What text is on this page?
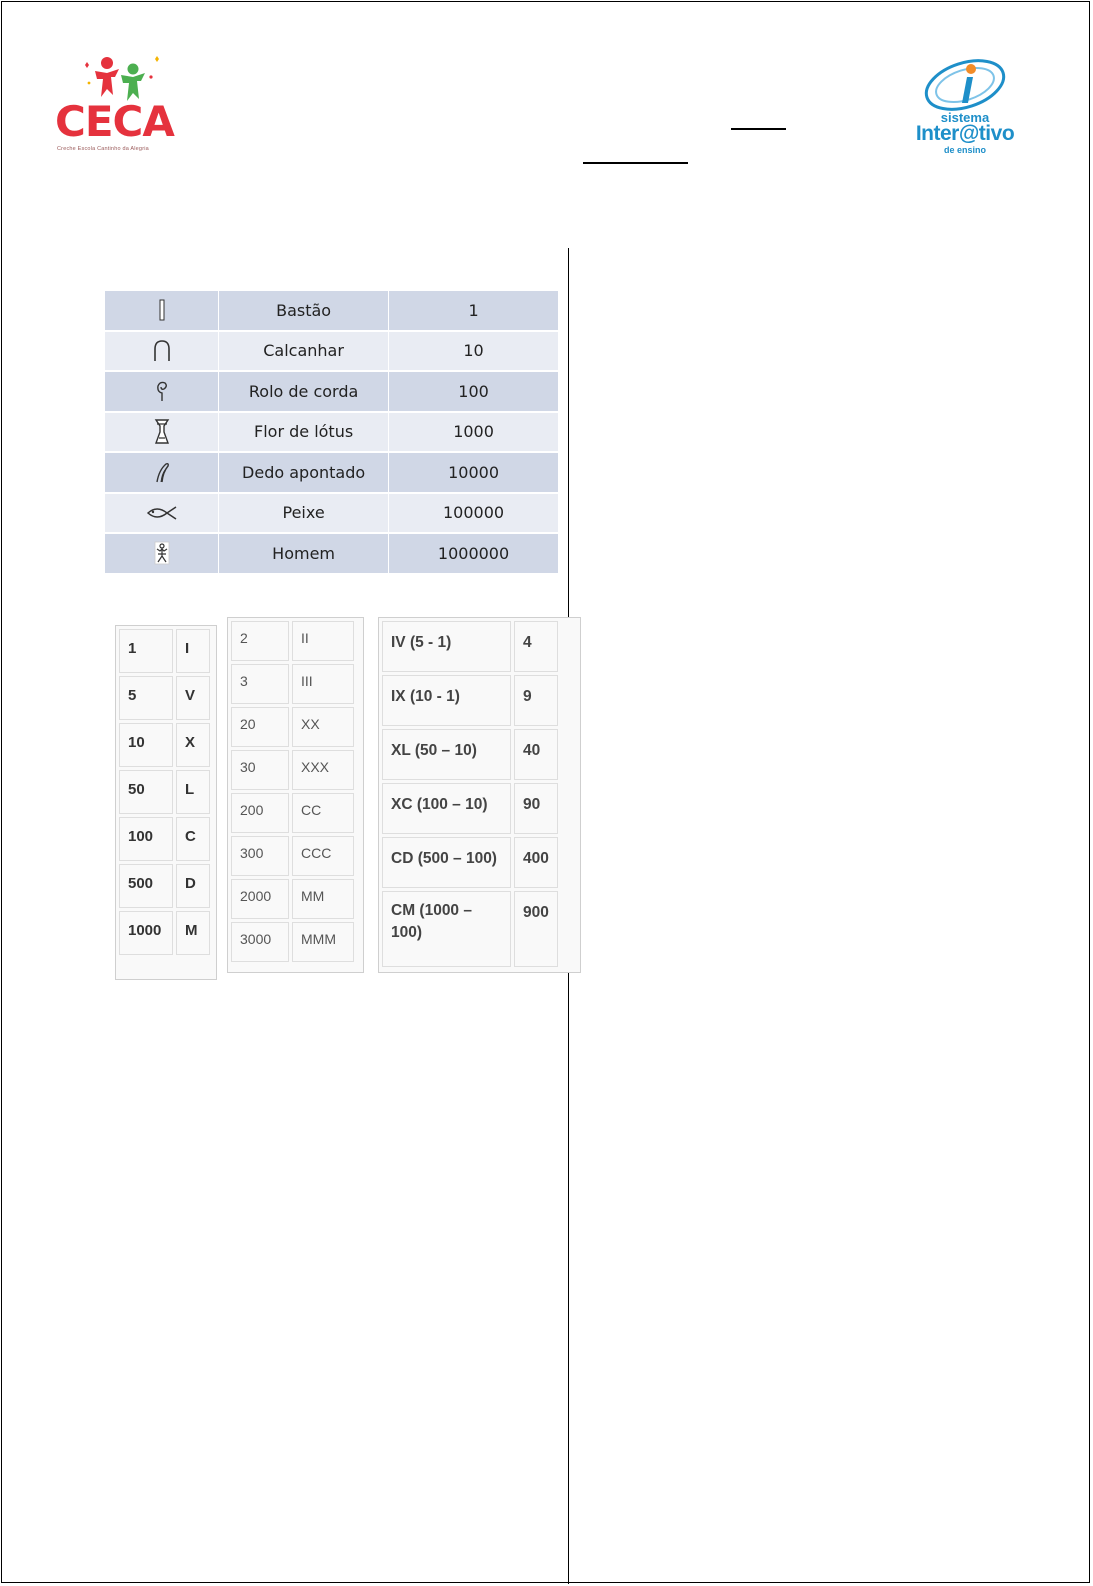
CECA
Creche Escola Cantinho da Alegria
sistema
Inter@tivo
de ensino
	Bastão	1
	Calcanhar	10
	Rolo de corda	100
	Flor de lótus	1000
	Dedo apontado	10000
	Peixe	100000
	Homem	1000000
1	I
5	V
10	X
50	L
100	C
500	D
1000	M
2	II
3	III
20	XX
30	XXX
200	CC
300	CCC
2000	MM
3000	MMM
IV (5 - 1)	4
IX (10 - 1)	9
XL (50 – 10)	40
XC (100 – 10)	90
CD (500 – 100)	400
CM (1000 – 100)	900
